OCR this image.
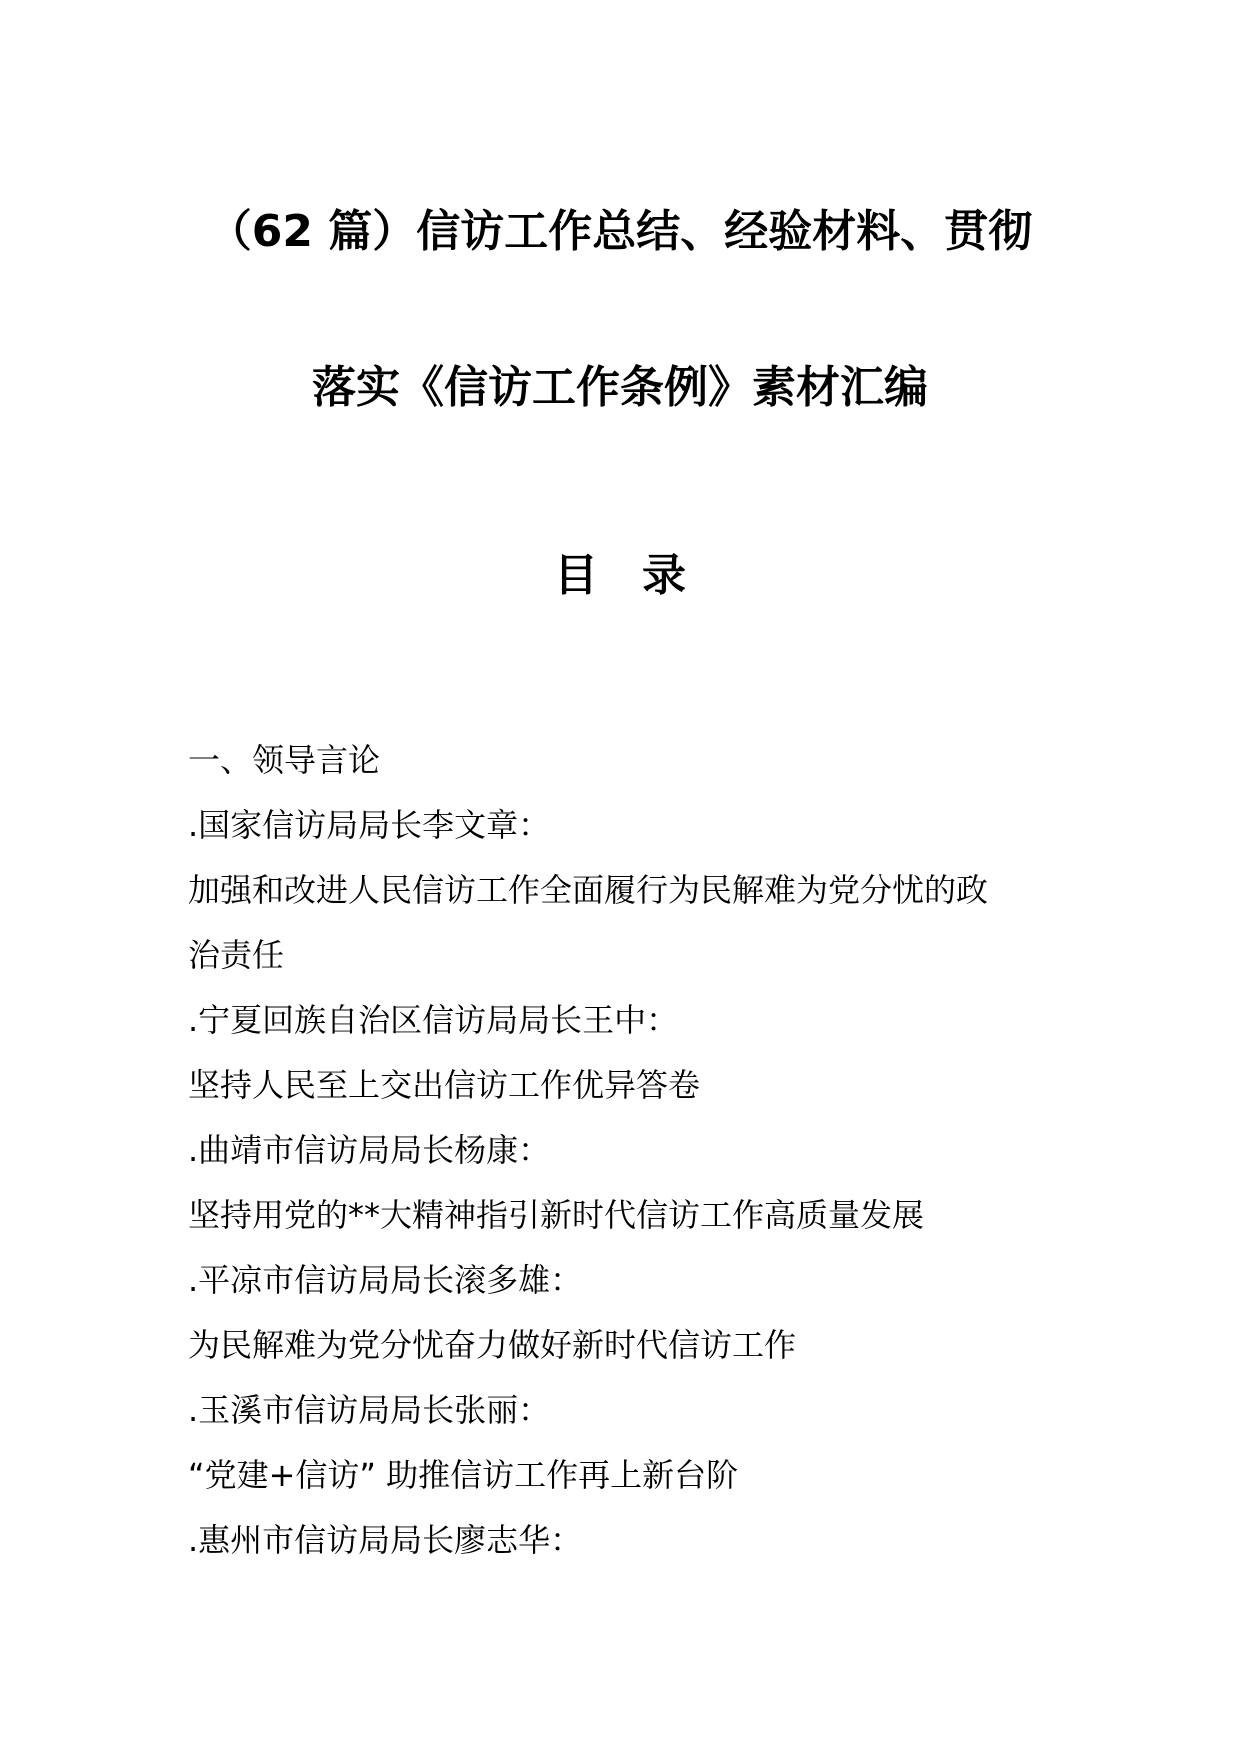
（62 篇）信访工作总结、经验材料、贯彻
落实《信访工作条例》素材汇编
目　录
一、领导言论
.国家信访局局长李文章：
加强和改进人民信访工作全面履行为民解难为党分忧的政
治责任
.宁夏回族自治区信访局局长王中：
坚持人民至上交出信访工作优异答卷
.曲靖市信访局局长杨康：
坚持用党的**大精神指引新时代信访工作高质量发展
.平凉市信访局局长滚多雄：
为民解难为党分忧奋力做好新时代信访工作
.玉溪市信访局局长张丽：
“党建+信访” 助推信访工作再上新台阶
.惠州市信访局局长廖志华：
